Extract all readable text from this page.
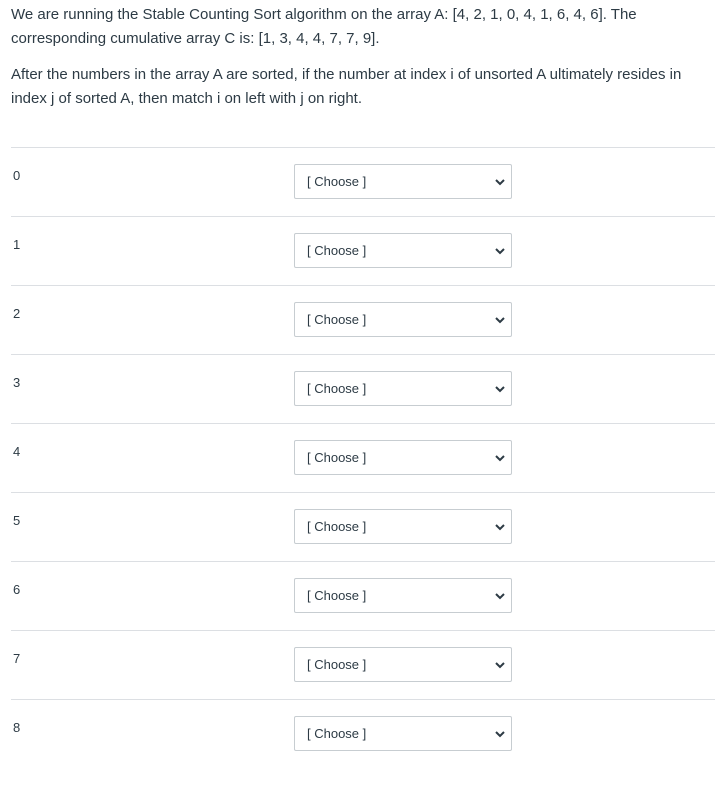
We are running the Stable Counting Sort algorithm on the array A: [4, 2, 1, 0, 4, 1, 6, 4, 6]. The corresponding cumulative array C is: [1, 3, 4, 4, 7, 7, 9].

After the numbers in the array A are sorted, if the number at index i of unsorted A ultimately resides in index j of sorted A, then match i on left with j on right.

0	[ Choose ]
1	[ Choose ]
2	[ Choose ]
3	[ Choose ]
4	[ Choose ]
5	[ Choose ]
6	[ Choose ]
7	[ Choose ]
8	[ Choose ]
